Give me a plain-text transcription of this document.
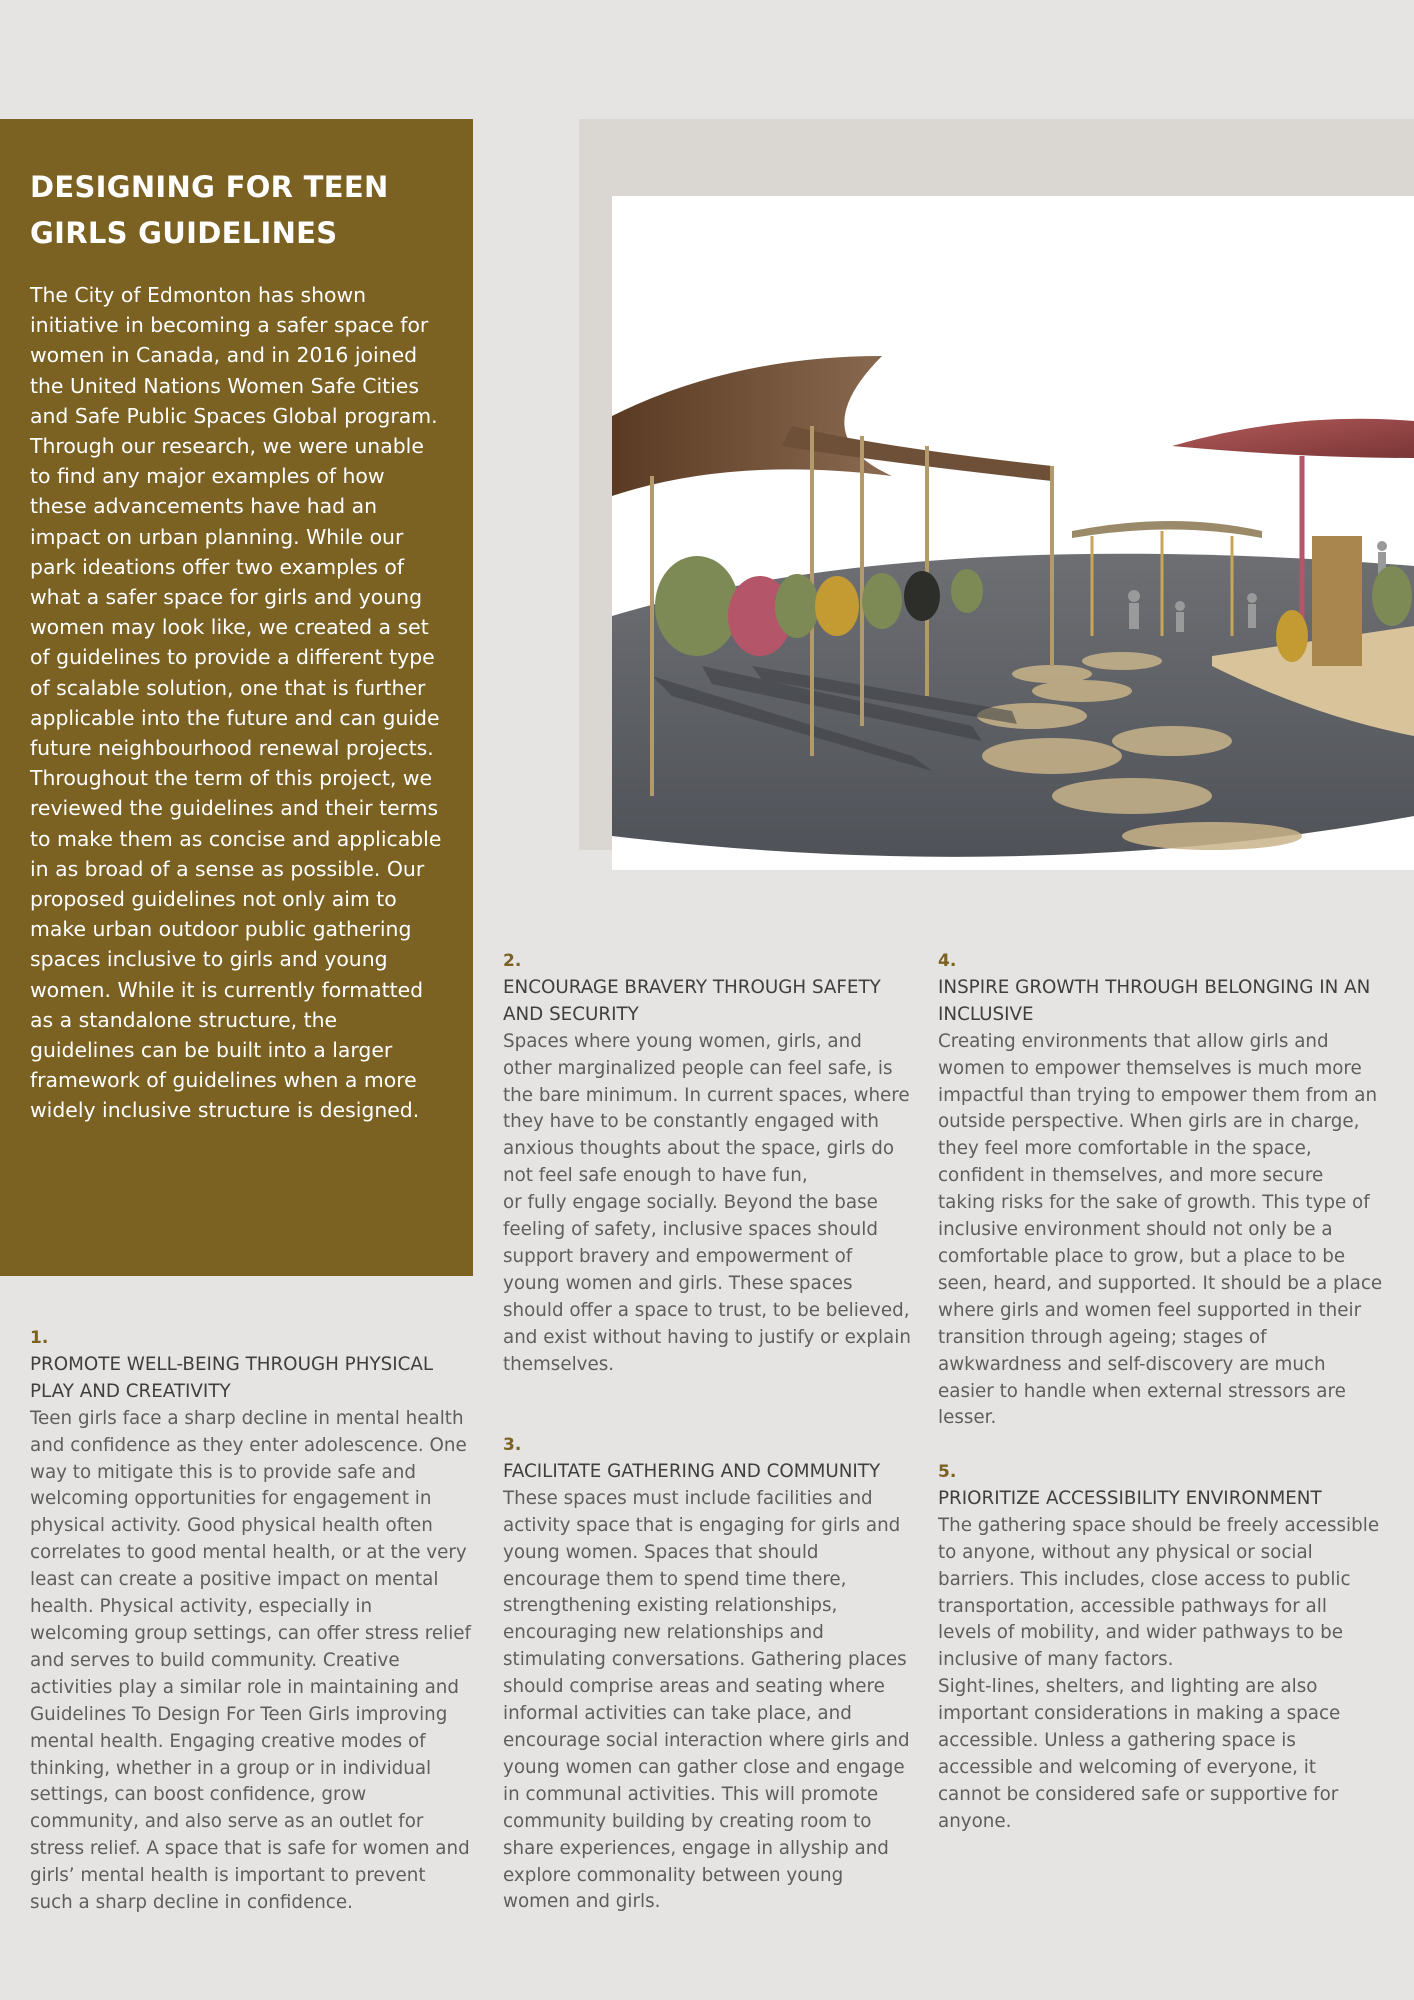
DESIGNING FOR TEEN
GIRLS GUIDELINES

The City of Edmonton has shown initiative in becoming a safer space for women in Canada, and in 2016 joined the United Nations Women Safe Cities and Safe Public Spaces Global program. Through our research, we were unable to find any major examples of how these advancements have had an impact on urban planning. While our park ideations offer two examples of what a safer space for girls and young women may look like, we created a set of guidelines to provide a different type of scalable solution, one that is further applicable into the future and can guide future neighbourhood renewal projects. Throughout the term of this project, we reviewed the guidelines and their terms to make them as concise and applicable in as broad of a sense as possible. Our proposed guidelines not only aim to make urban outdoor public gathering spaces inclusive to girls and young women. While it is currently formatted as a standalone structure, the guidelines can be built into a larger framework of guidelines when a more widely inclusive structure is designed.

1.
PROMOTE WELL-BEING THROUGH PHYSICAL PLAY AND CREATIVITY

Teen girls face a sharp decline in mental health and confidence as they enter adolescence. One way to mitigate this is to provide safe and welcoming opportunities for engagement in physical activity. Good physical health often correlates to good mental health, or at the very least can create a positive impact on mental health. Physical activity, especially in welcoming group settings, can offer stress relief and serves to build community. Creative activities play a similar role in maintaining and Guidelines To Design For Teen Girls improving mental health. Engaging creative modes of thinking, whether in a group or in individual settings, can boost confidence, grow community, and also serve as an outlet for stress relief. A space that is safe for women and girls’ mental health is important to prevent such a sharp decline in confidence.

2.
ENCOURAGE BRAVERY THROUGH SAFETY AND SECURITY

Spaces where young women, girls, and other marginalized people can feel safe, is the bare minimum. In current spaces, where they have to be constantly engaged with anxious thoughts about the space, girls do not feel safe enough to have fun,

or fully engage socially. Beyond the base feeling of safety, inclusive spaces should support bravery and empowerment of young women and girls. These spaces should offer a space to trust, to be believed, and exist without having to justify or explain themselves.

3.
FACILITATE GATHERING AND COMMUNITY

These spaces must include facilities and activity space that is engaging for girls and young women. Spaces that should encourage them to spend time there, strengthening existing relationships, encouraging new relationships and stimulating conversations. Gathering places should comprise areas and seating where informal activities can take place, and encourage social interaction where girls and young women can gather close and engage in communal activities. This will promote community building by creating room to share experiences, engage in allyship and explore commonality between young women and girls.

4.
INSPIRE GROWTH THROUGH BELONGING IN AN INCLUSIVE

Creating environments that allow girls and women to empower themselves is much more impactful than trying to empower them from an outside perspective. When girls are in charge, they feel more comfortable in the space, confident in themselves, and more secure taking risks for the sake of growth. This type of inclusive environment should not only be a comfortable place to grow, but a place to be seen, heard, and supported. It should be a place where girls and women feel supported in their transition through ageing; stages of awkwardness and self-discovery are much easier to handle when external stressors are lesser.

5.
PRIORITIZE ACCESSIBILITY ENVIRONMENT

The gathering space should be freely accessible to anyone, without any physical or social barriers. This includes, close access to public transportation, accessible pathways for all levels of mobility, and wider pathways to be inclusive of many factors.

Sight-lines, shelters, and lighting are also important considerations in making a space accessible. Unless a gathering space is accessible and welcoming of everyone, it cannot be considered safe or supportive for anyone.
